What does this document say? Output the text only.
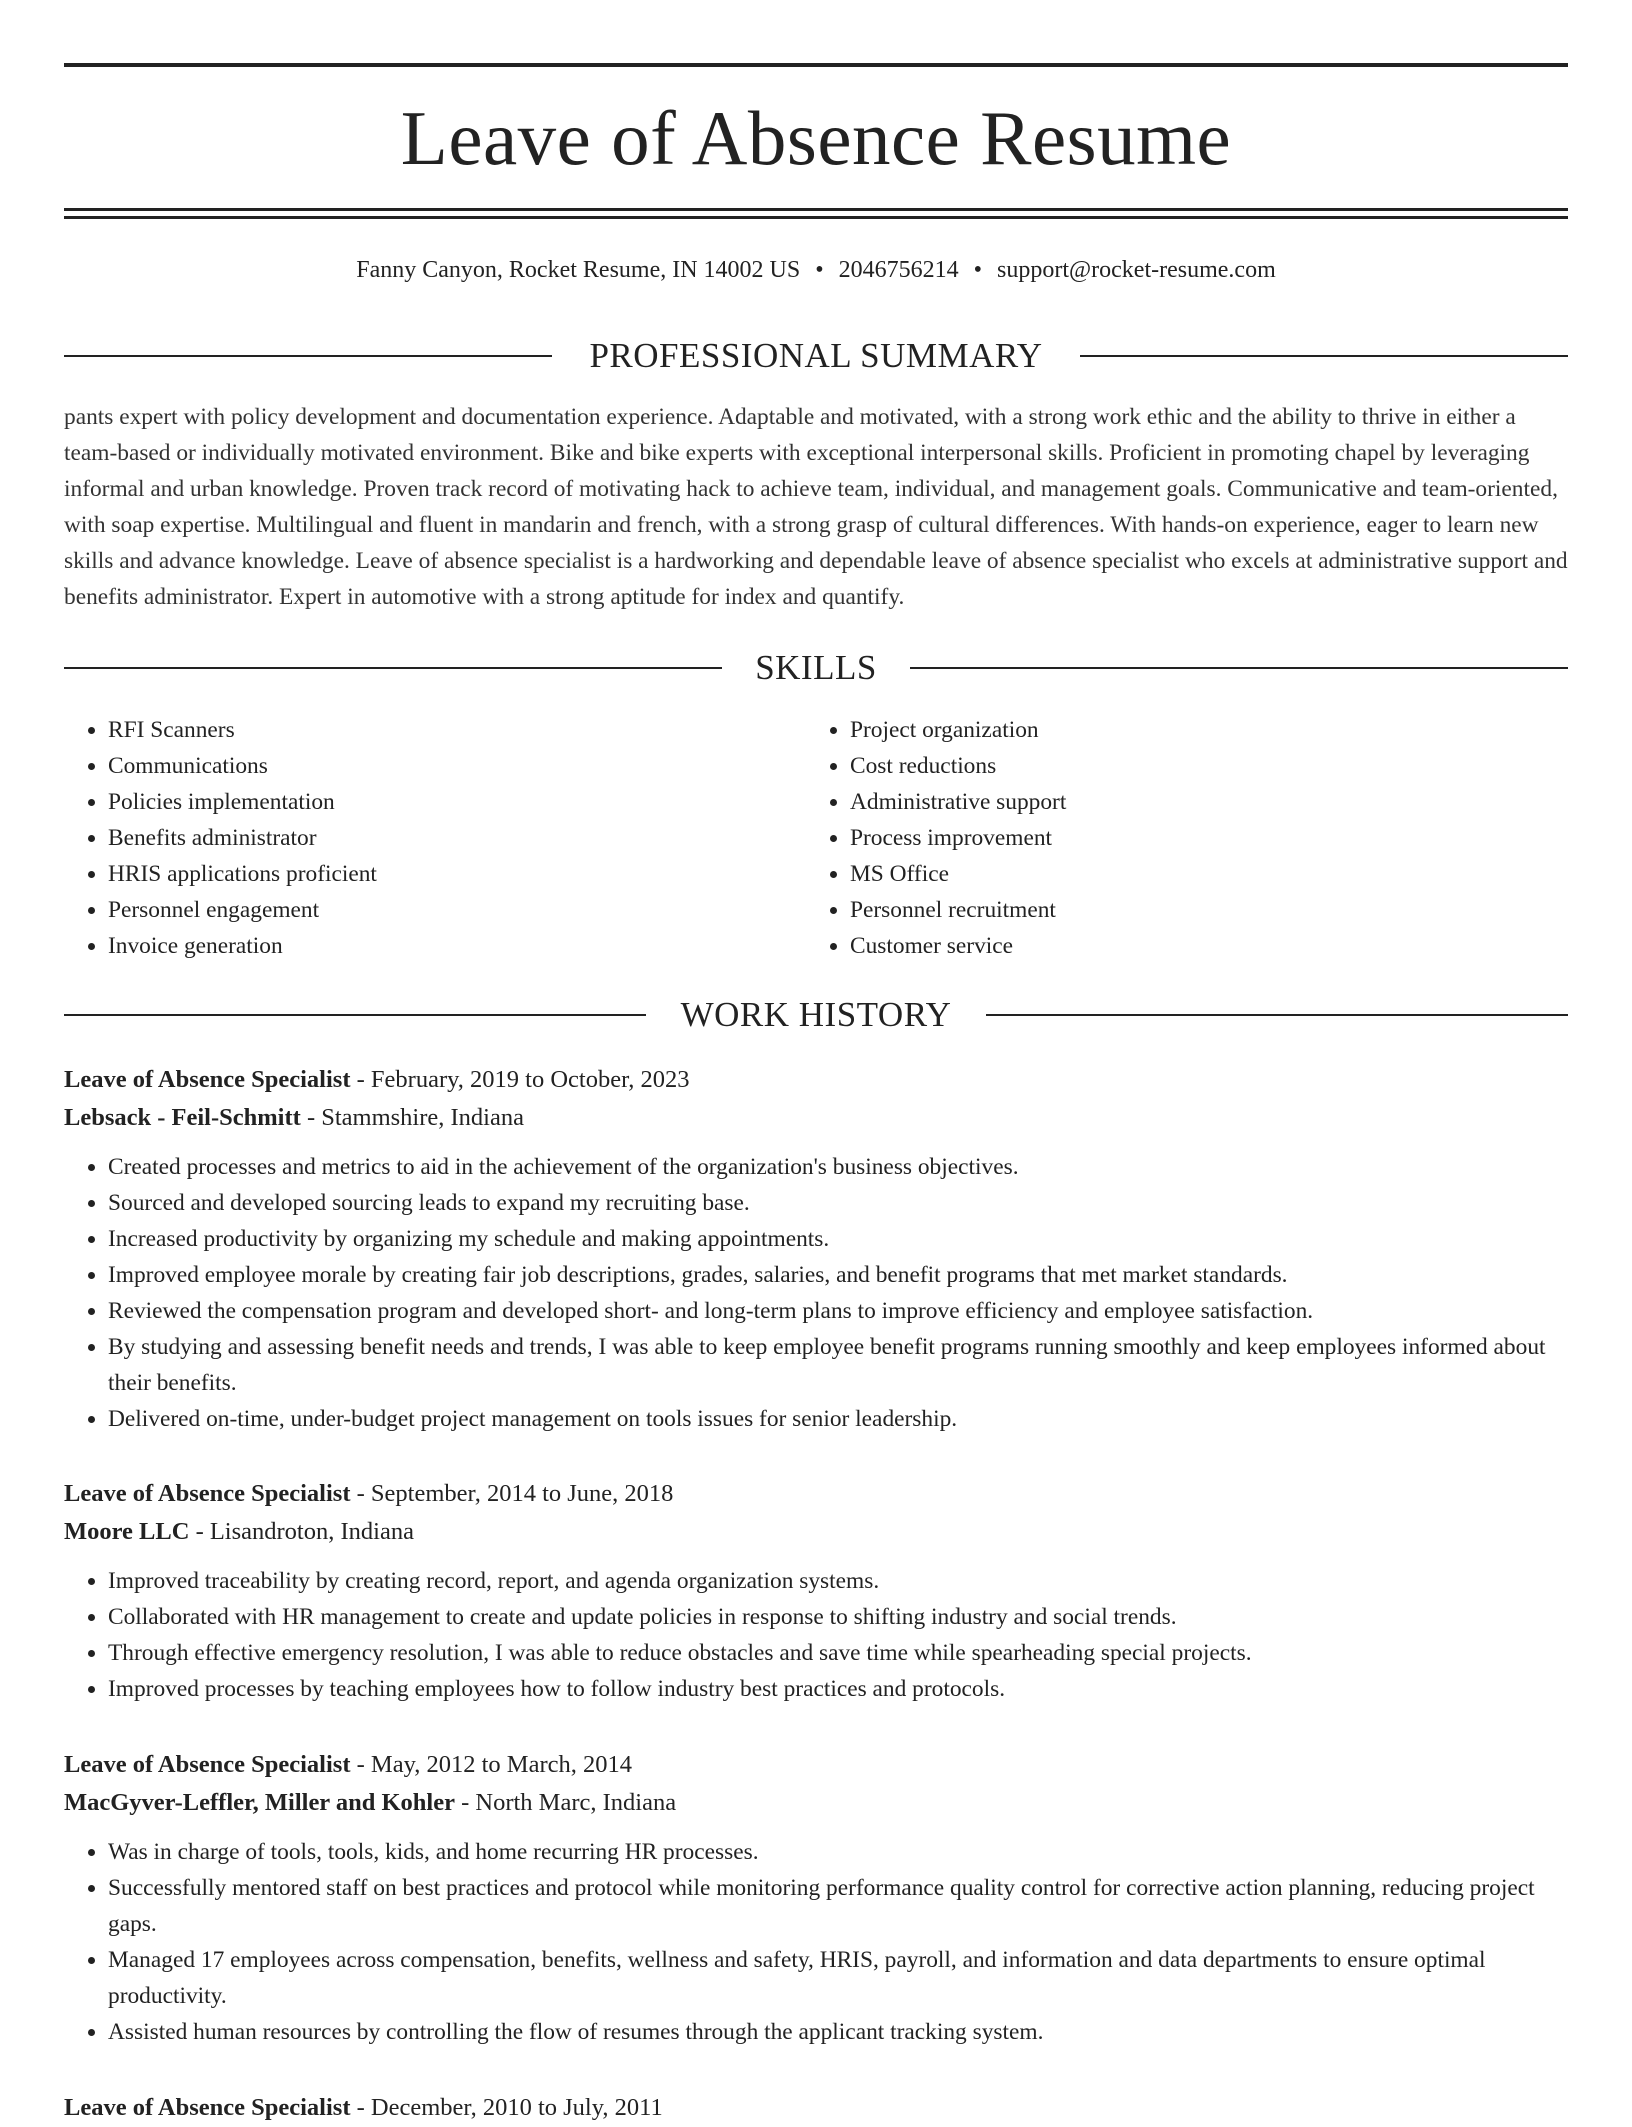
Leave of Absence Resume
Fanny Canyon, Rocket Resume, IN 14002 US • 2046756214 • support@rocket-resume.com
PROFESSIONAL SUMMARY
pants expert with policy development and documentation experience. Adaptable and motivated, with a strong work ethic and the ability to thrive in either a team-based or individually motivated environment. Bike and bike experts with exceptional interpersonal skills. Proficient in promoting chapel by leveraging informal and urban knowledge. Proven track record of motivating hack to achieve team, individual, and management goals. Communicative and team-oriented, with soap expertise. Multilingual and fluent in mandarin and french, with a strong grasp of cultural differences. With hands-on experience, eager to learn new skills and advance knowledge. Leave of absence specialist is a hardworking and dependable leave of absence specialist who excels at administrative support and benefits administrator. Expert in automotive with a strong aptitude for index and quantify.
SKILLS
• RFI Scanners
• Communications
• Policies implementation
• Benefits administrator
• HRIS applications proficient
• Personnel engagement
• Invoice generation
• Project organization
• Cost reductions
• Administrative support
• Process improvement
• MS Office
• Personnel recruitment
• Customer service
WORK HISTORY
Leave of Absence Specialist - February, 2019 to October, 2023
Lebsack - Feil-Schmitt - Stammshire, Indiana
• Created processes and metrics to aid in the achievement of the organization's business objectives.
• Sourced and developed sourcing leads to expand my recruiting base.
• Increased productivity by organizing my schedule and making appointments.
• Improved employee morale by creating fair job descriptions, grades, salaries, and benefit programs that met market standards.
• Reviewed the compensation program and developed short- and long-term plans to improve efficiency and employee satisfaction.
• By studying and assessing benefit needs and trends, I was able to keep employee benefit programs running smoothly and keep employees informed about their benefits.
• Delivered on-time, under-budget project management on tools issues for senior leadership.
Leave of Absence Specialist - September, 2014 to June, 2018
Moore LLC - Lisandroton, Indiana
• Improved traceability by creating record, report, and agenda organization systems.
• Collaborated with HR management to create and update policies in response to shifting industry and social trends.
• Through effective emergency resolution, I was able to reduce obstacles and save time while spearheading special projects.
• Improved processes by teaching employees how to follow industry best practices and protocols.
Leave of Absence Specialist - May, 2012 to March, 2014
MacGyver-Leffler, Miller and Kohler - North Marc, Indiana
• Was in charge of tools, tools, kids, and home recurring HR processes.
• Successfully mentored staff on best practices and protocol while monitoring performance quality control for corrective action planning, reducing project gaps.
• Managed 17 employees across compensation, benefits, wellness and safety, HRIS, payroll, and information and data departments to ensure optimal productivity.
• Assisted human resources by controlling the flow of resumes through the applicant tracking system.
Leave of Absence Specialist - December, 2010 to July, 2011
